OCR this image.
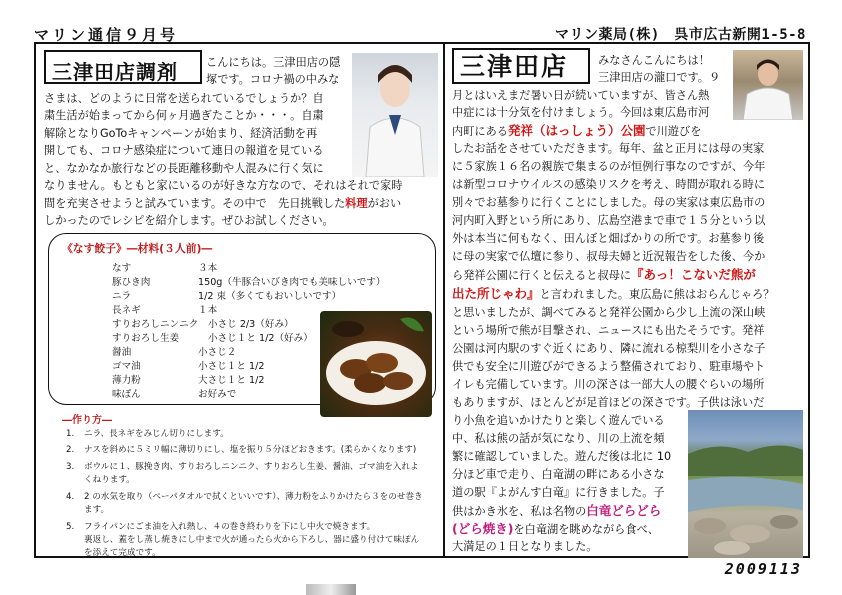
マリン通信９月号	マリン薬局(株)　呉市広古新開1-5-8
三津田店調剤	こんにちは。三津田店の隠
塚です。コロナ禍の中みな
さまは、どのように日常を送られているでしょうか？自
粛生活が始まってから何ヶ月過ぎたことか・・・。自粛
解除となりGoToキャンペーンが始まり、経済活動を再
開しても、コロナ感染症について連日の報道を見ている
と、なかなか旅行などの長距離移動や人混みに行く気に
なりません。もともと家にいるのが好きな方なので、それはそれで家時
間を充実させようと試みています。その中で　先日挑戦した料理がおい
しかったのでレシピを紹介します。ぜひお試しください。
《なす餃子》―材料(３人前)―
なす	３本
豚ひき肉	150g（牛豚合いびき肉でも美味しいです）
ニラ	1/2 束（多くてもおいしいです）
長ネギ	１本
すりおろしニンニク 小さじ 2/3（好み）
すりおろし生姜	小さじ１と 1/2（好み）
醤油	小さじ２
ゴマ油	小さじ１と 1/2
薄力粉	大さじ１と 1/2
味ぽん	お好みで
―作り方―
1. ニラ、長ネギをみじん切りにします。
2. ナスを斜めに５ミリ幅に薄切りにし、塩を振り５分ほどおきます。(柔らかくなります)
3. ボウルに１、豚挽き肉、すりおろしニンニク、すりおろし生姜、醤油、ゴマ油を入れよ
くねります。
4. 2 の水気を取り（ペーパタオルで拭くといいです）、薄力粉をふりかけたら３をのせ巻き
ます。
5. フライパンにごま油を入れ熱し、４の巻き終わりを下にし中火で焼きます。
裏返し、蓋をし蒸し焼きにし中まで火が通ったら火から下ろし、器に盛り付けて味ぽん
を添えて完成です。
三津田店	みなさんこんにちは！
三津田店の瀧口です。９
月とはいえまだ暑い日が続いていますが、皆さん熱
中症には十分気を付けましょう。今回は東広島市河
内町にある発祥（はっしょう）公園で川遊びを
したお話をさせていただきます。毎年、盆と正月には母の実家
に５家族１６名の親族で集まるのが恒例行事なのですが、今年
は新型コロナウイルスの感染リスクを考え、時間が取れる時に
別々でお墓参りに行くことにしました。母の実家は東広島市の
河内町入野という所にあり、広島空港まで車で１５分という以
外は本当に何もなく、田んぼと畑ばかりの所です。お墓参り後
に母の実家で仏壇に参り、叔母夫婦と近況報告をした後、今か
ら発祥公園に行くと伝えると叔母に『あっ！こないだ熊が
出た所じゃわ』と言われました。東広島に熊はおらんじゃろ？
と思いましたが、調べてみると発祥公園から少し上流の深山峡
という場所で熊が目撃され、ニュースにも出たそうです。発祥
公園は河内駅のすぐ近くにあり、隣に流れる椋梨川を小さな子
供でも安全に川遊びができるよう整備されており、駐車場やト
イレも完備しています。川の深さは一部大人の腰ぐらいの場所
もありますが、ほとんどが足首ほどの深さです。子供は泳いだ
り小魚を追いかけたりと楽しく遊んでいる
中、私は熊の話が気になり、川の上流を頻
繁に確認していました。遊んだ後は北に 10
分ほど車で走り、白竜湖の畔にある小さな
道の駅『よがんす白竜』に行きました。子
供はかき氷を、私は名物の白竜どらどら
(どら焼き)を白竜湖を眺めながら食べ、
大満足の１日となりました。
2009113
